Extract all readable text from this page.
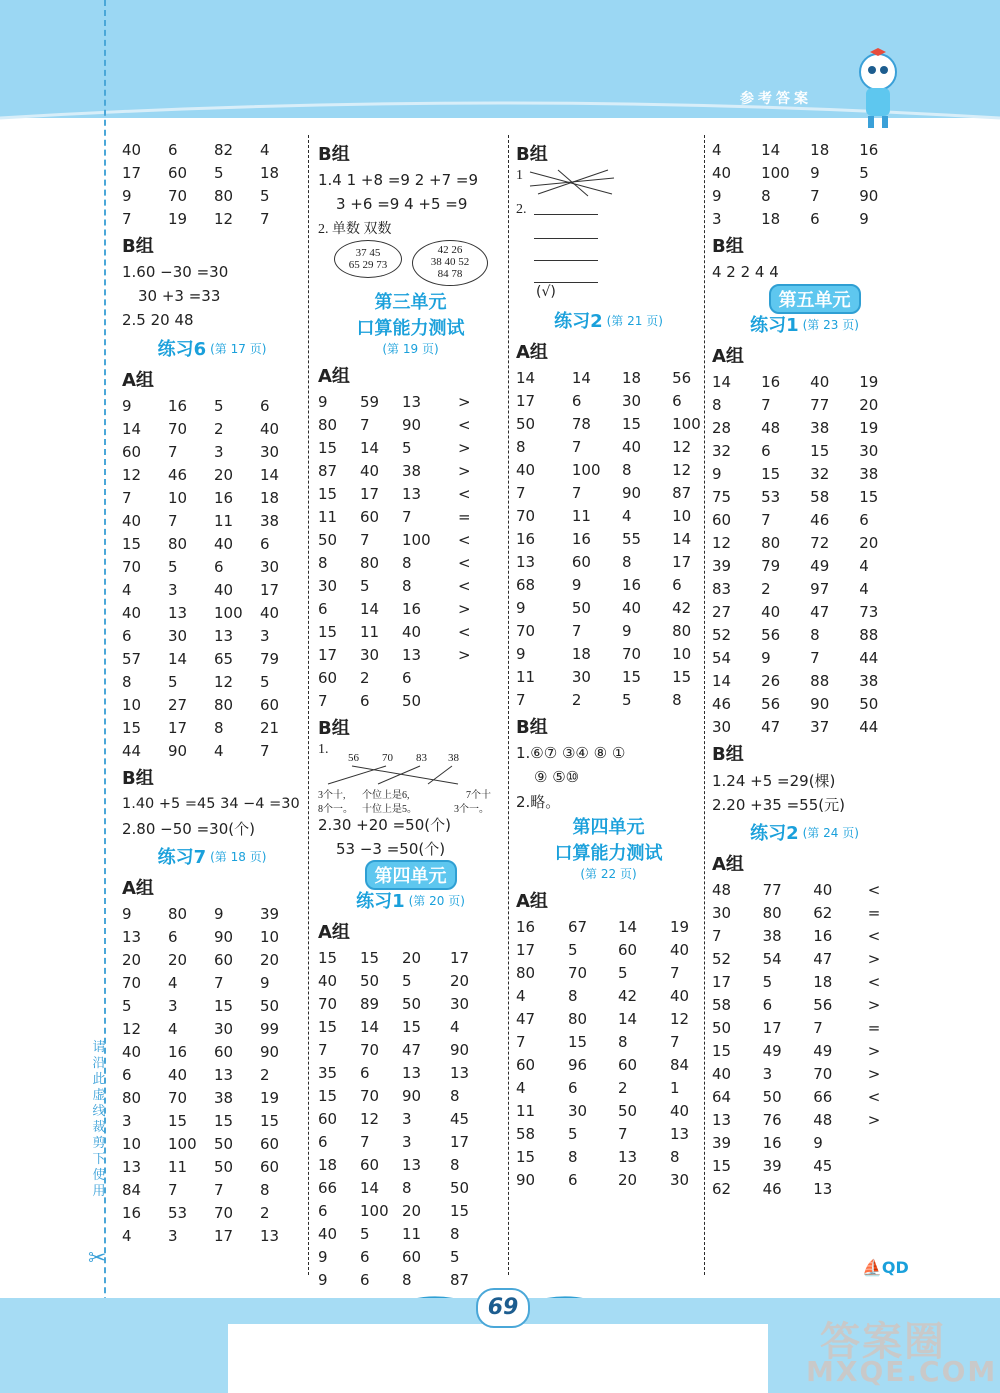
参考答案
请沿此虚线裁剪下使用
✂
40	6	82	4
17	60	5	18
9	70	80	5
7	19	12	7
B组
1.60 −30 =30
30 +3 =33
2.5 20 48
练习6 (第 17 页)
A组
9	16	5	6
14	70	2	40
60	7	3	30
12	46	20	14
7	10	16	18
40	7	11	38
15	80	40	6
70	5	6	30
4	3	40	17
40	13	100	40
6	30	13	3
57	14	65	79
8	5	12	5
10	27	80	60
15	17	8	21
44	90	4	7
B组
1.40 +5 =45 34 −4 =30
2.80 −50 =30(个)
练习7 (第 18 页)
A组
9	80	9	39
13	6	90	10
20	20	60	20
70	4	7	9
5	3	15	50
12	4	30	99
40	16	60	90
6	40	13	2
80	70	38	19
3	15	15	15
10	100	50	60
13	11	50	60
84	7	7	8
16	53	70	2
4	3	17	13
B组
1.4 1 +8 =9 2 +7 =9
3 +6 =9 4 +5 =9
2. 单数 双数
37 45
65 29 73
42 26
38 40 52
84 78
第三单元
口算能力测试
(第 19 页)
A组
9	59	13	>
80	7	90	<
15	14	5	>
87	40	38	>
15	17	13	<
11	60	7	=
50	7	100	<
8	80	8	<
30	5	8	<
6	14	16	>
15	11	40	<
17	30	13	>
60	2	6
7	6	50
B组
1.
56 70 83 38
3个十, 个位上是6,	7个十
8个一。 十位上是5。	3个一。
2.30 +20 =50(个)
53 −3 =50(个)
第四单元
练习1 (第 20 页)
A组
15	15	20	17
40	50	5	20
70	89	50	30
15	14	15	4
7	70	47	90
35	6	13	13
15	70	90	8
60	12	3	45
6	7	3	17
18	60	13	8
66	14	8	50
6	100 20	15
40	5	11	8
9	6	60	5
9	6	8	87
B组
1
2.
(√)
练习2 (第 21 页)
A组
14	14	18	56
17	6	30	6
50	78	15	100
8	7	40	12
40	100	8	12
7	7	90	87
70	11	4	10
16	16	55	14
13	60	8	17
68	9	16	6
9	50	40	42
70	7	9	80
9	18	70	10
11	30	15	15
7	2	5	8
B组
1.⑥⑦ ③④ ⑧ ①
⑨ ⑤⑩
2.略。
第四单元
口算能力测试
(第 22 页)
A组
16	67	14	19
17	5	60	40
80	70	5	7
4	8	42	40
47	80	14	12
7	15	8	7
60	96	60	84
4	6	2	1
11	30	50	40
58	5	7	13
15	8	13	8
90	6	20	30
4	14	18	16
40	100	9	5
9	8	7	90
3	18	6	9
B组
4 2 2 4 4
第五单元
练习1 (第 23 页)
A组
14	16	40	19
8	7	77	20
28	48	38	19
32	6	15	30
9	15	32	38
75	53	58	15
60	7	46	6
12	80	72	20
39	79	49	4
83	2	97	4
27	40	47	73
52	56	8	88
54	9	7	44
14	26	88	38
46	56	90	50
30	47	37	44
B组
1.24 +5 =29(棵)
2.20 +35 =55(元)
练习2 (第 24 页)
A组
48	77	40	<
30	80	62	=
7	38	16	<
52	54	47	>
17	5	18	<
58	6	56	>
50	17	7	=
15	49	49	>
40	3	70	>
64	50	66	<
13	76	48	>
39	16	9
15	39	45
62	46	13
69
⛵QD
答案圈
MXQE.COM
